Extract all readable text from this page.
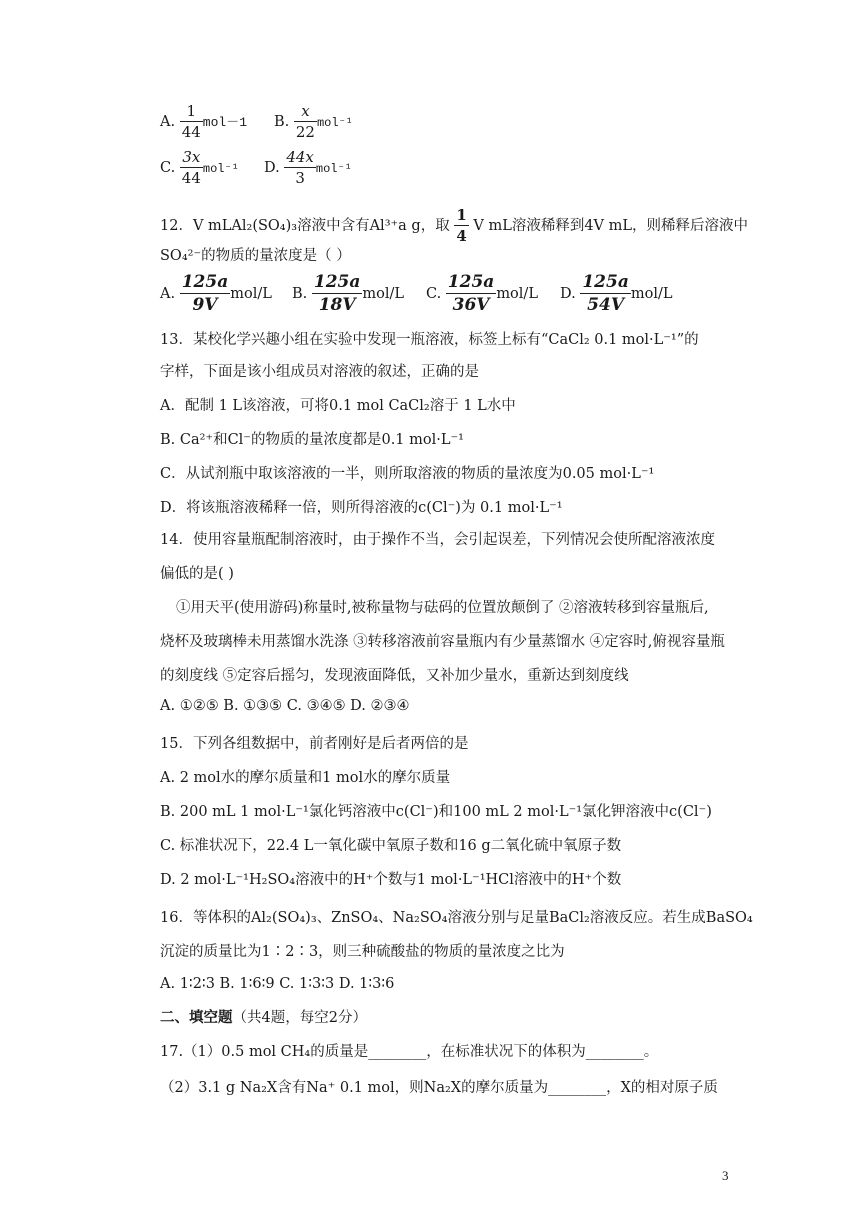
A. $\frac{1}{44} mol-1$ B. $\frac{x}{22} mol^{-1}$
C. $\frac{3x}{44} mol^{-1}$ D. $\frac{44x}{3} mol^{-1}$
12．V mLAl₂(SO₄)₃溶液中含有Al³⁺a g，取 $\frac{1}{4}$ V mL溶液稀释到4V mL，则稀释后溶液中
SO₄²⁻的物质的量浓度是（ ）
A. $\frac{125a}{9V} mol/L$ B. $\frac{125a}{18V} mol/L$ C. $\frac{125a}{36V} mol/L$ D. $\frac{125a}{54V} mol/L$
13．某校化学兴趣小组在实验中发现一瓶溶液，标签上标有“CaCl₂ 0.1 mol·L⁻¹”的
字样，下面是该小组成员对溶液的叙述，正确的是
A．配制 1 L该溶液，可将0.1 mol CaCl₂溶于 1 L水中
B. Ca²⁺和Cl⁻的物质的量浓度都是0.1 mol·L⁻¹
C．从试剂瓶中取该溶液的一半，则所取溶液的物质的量浓度为0.05 mol·L⁻¹
D．将该瓶溶液稀释一倍，则所得溶液的c(Cl⁻)为 0.1 mol·L⁻¹
14．使用容量瓶配制溶液时，由于操作不当，会引起误差，下列情况会使所配溶液浓度
偏低的是( )
①用天平(使用游码)称量时,被称量物与砝码的位置放颠倒了 ②溶液转移到容量瓶后,
烧杯及玻璃棒未用蒸馏水洗涤 ③转移溶液前容量瓶内有少量蒸馏水 ④定容时,俯视容量瓶
的刻度线 ⑤定容后摇匀，发现液面降低，又补加少量水，重新达到刻度线
A. ①②⑤ B. ①③⑤ C. ③④⑤ D. ②③④
15．下列各组数据中，前者刚好是后者两倍的是
A. 2 mol水的摩尔质量和1 mol水的摩尔质量
B. 200 mL 1 mol·L⁻¹氯化钙溶液中c(Cl⁻)和100 mL 2 mol·L⁻¹氯化钾溶液中c(Cl⁻)
C. 标准状况下，22.4 L一氧化碳中氧原子数和16 g二氧化硫中氧原子数
D. 2 mol·L⁻¹H₂SO₄溶液中的H⁺个数与1 mol·L⁻¹HCl溶液中的H⁺个数
16．等体积的Al₂(SO₄)₃、ZnSO₄、Na₂SO₄溶液分别与足量BaCl₂溶液反应。若生成BaSO₄
沉淀的质量比为1∶2∶3，则三种硫酸盐的物质的量浓度之比为
A. 1∶2∶3 B. 1∶6∶9 C. 1∶3∶3 D. 1∶3∶6
二、填空题（共4题，每空2分）
17.（1）0.5 mol CH₄的质量是________，在标准状况下的体积为________。
（2）3.1 g Na₂X含有Na⁺ 0.1 mol，则Na₂X的摩尔质量为________，X的相对原子质
3
